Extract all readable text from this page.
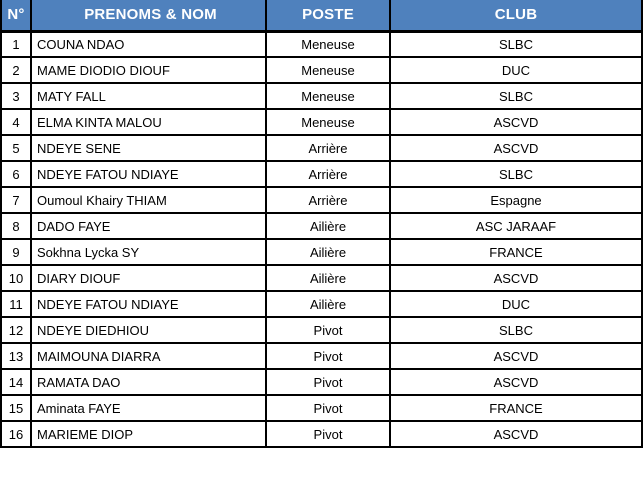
N°	PRENOMS & NOM	POSTE	CLUB
1	COUNA NDAO	Meneuse	SLBC
2	MAME DIODIO DIOUF	Meneuse	DUC
3	MATY FALL	Meneuse	SLBC
4	ELMA KINTA MALOU	Meneuse	ASCVD
5	NDEYE SENE	Arrière	ASCVD
6	NDEYE FATOU NDIAYE	Arrière	SLBC
7	Oumoul Khairy THIAM	Arrière	Espagne
8	DADO FAYE	Ailière	ASC JARAAF
9	Sokhna Lycka SY	Ailière	FRANCE
10	DIARY DIOUF	Ailière	ASCVD
11	NDEYE FATOU NDIAYE	Ailière	DUC
12	NDEYE DIEDHIOU	Pivot	SLBC
13	MAIMOUNA DIARRA	Pivot	ASCVD
14	RAMATA DAO	Pivot	ASCVD
15	Aminata FAYE	Pivot	FRANCE
16	MARIEME DIOP	Pivot	ASCVD
